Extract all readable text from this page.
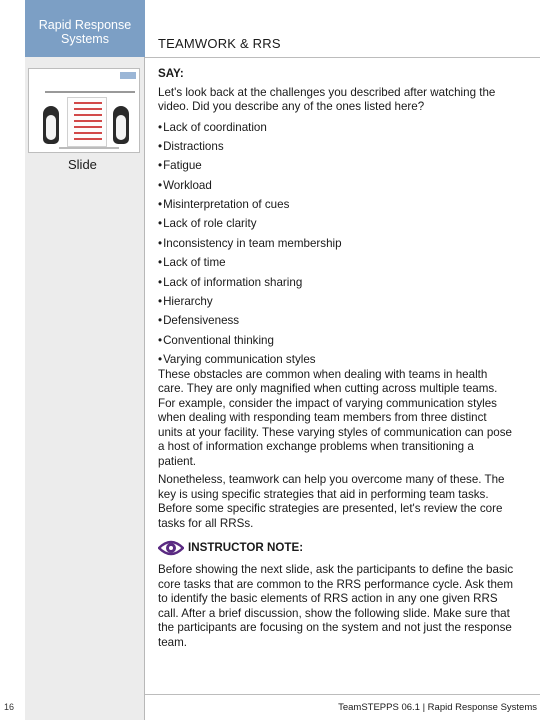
Rapid Response
Systems
Slide
TEAMWORK & RRS
SAY:
Let's look back at the challenges you described after watching the video. Did you describe any of the ones listed here?
• Lack of coordination
• Distractions
• Fatigue
• Workload
• Misinterpretation of cues
• Lack of role clarity
• Inconsistency in team membership
• Lack of time
• Lack of information sharing
• Hierarchy
• Defensiveness
• Conventional thinking
• Varying communication styles
These obstacles are common when dealing with teams in health care. They are only magnified when cutting across multiple teams. For example, consider the impact of varying communication styles when dealing with responding team members from three distinct units at your facility. These varying styles of communication can pose a host of information exchange problems when transitioning a patient.
Nonetheless, teamwork can help you overcome many of these. The key is using specific strategies that aid in performing team tasks. Before some specific strategies are presented, let's review the core tasks for all RRSs.
INSTRUCTOR NOTE:
Before showing the next slide, ask the participants to define the basic core tasks that are common to the RRS performance cycle. Ask them to identify the basic elements of RRS action in any one given RRS call. After a brief discussion, show the following slide. Make sure that the participants are focusing on the system and not just the response team.
16	TeamSTEPPS 06.1 | Rapid Response Systems
